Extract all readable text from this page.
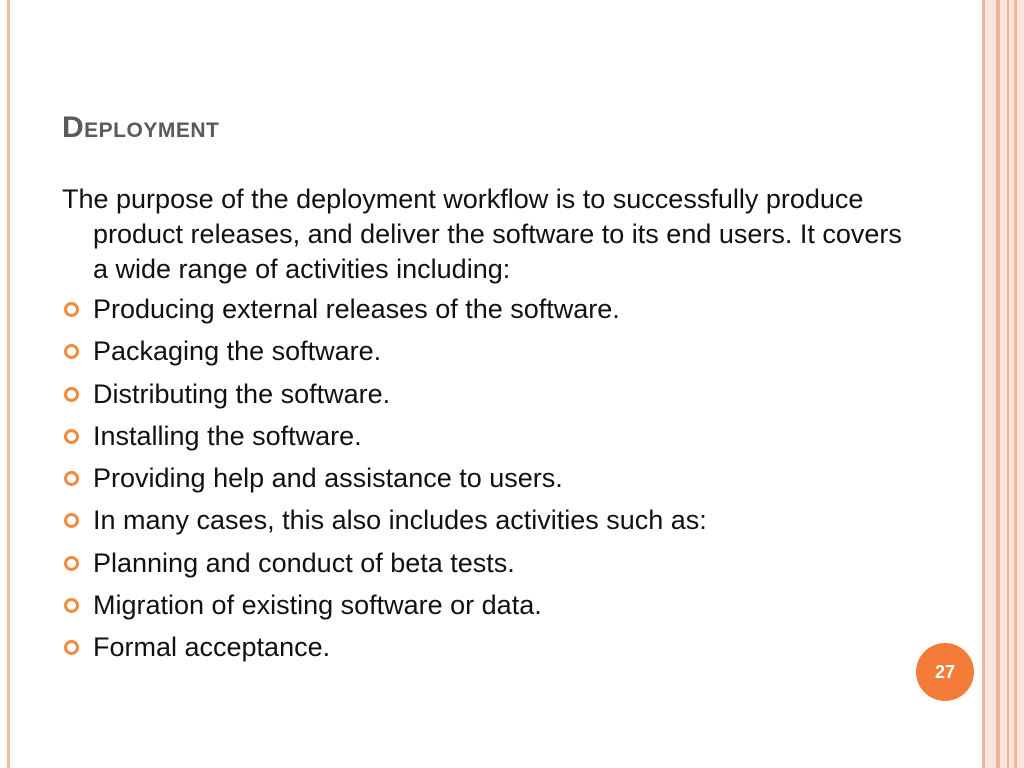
Deployment

The purpose of the deployment workflow is to successfully produce product releases, and deliver the software to its end users. It covers a wide range of activities including:

Producing external releases of the software.
Packaging the software.
Distributing the software.
Installing the software.
Providing help and assistance to users.
In many cases, this also includes activities such as:
Planning and conduct of beta tests.
Migration of existing software or data.
Formal acceptance.
27
